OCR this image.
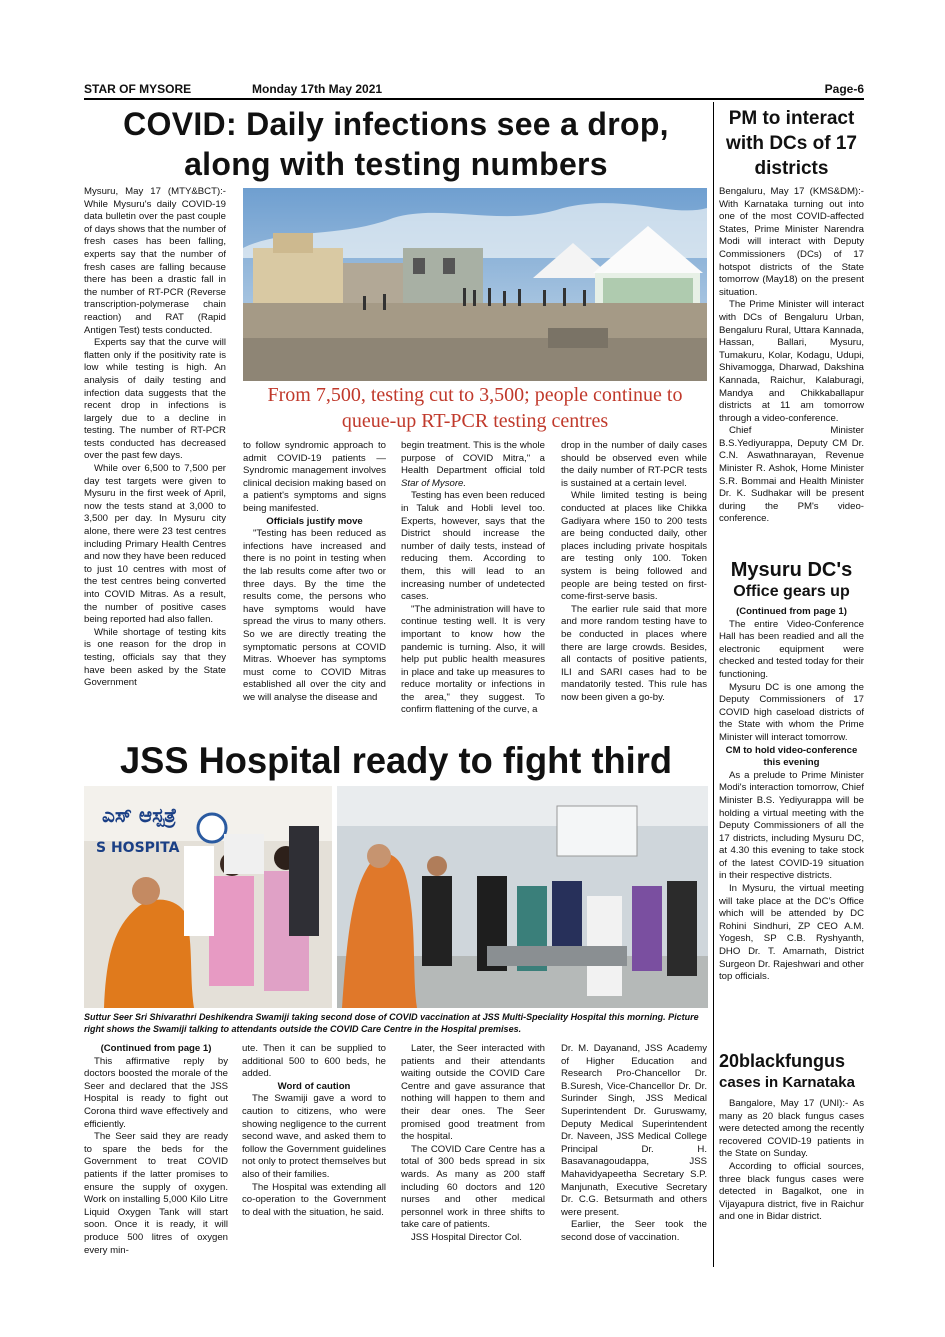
STAR OF MYSORE	Monday 17th May 2021	Page-6
COVID: Daily infections see a drop, along with testing numbers
From 7,500, testing cut to 3,500; people continue to queue-up RT-PCR testing centres

Mysuru, May 17 (MTY&BCT):- While Mysuru's daily COVID-19 data bulletin over the past couple of days shows that the number of fresh cases has been falling, experts say that the number of fresh cases are falling because there has been a drastic fall in the number of RT-PCR (Reverse transcription-polymerase chain reaction) and RAT (Rapid Antigen Test) tests conducted.

Experts say that the curve will flatten only if the positivity rate is low while testing is high. An analysis of daily testing and infection data suggests that the recent drop in infections is largely due to a decline in testing. The number of RT-PCR tests conducted has decreased over the past few days.

While over 6,500 to 7,500 per day test targets were given to Mysuru in the first week of April, now the tests stand at 3,000 to 3,500 per day. In Mysuru city alone, there were 23 test centres including Primary Health Centres and now they have been reduced to just 10 centres with most of the test centres being converted into COVID Mitras. As a result, the number of positive cases being reported had also fallen.

While shortage of testing kits is one reason for the drop in testing, officials say that they have been asked by the State Government

to follow syndromic approach to admit COVID-19 patients — Syndromic management involves clinical decision making based on a patient's symptoms and signs being manifested.

Officials justify move

"Testing has been reduced as infections have increased and there is no point in testing when the lab results come after two or three days. By the time the results come, the persons who have symptoms would have spread the virus to many others. So we are directly treating the symptomatic persons at COVID Mitras. Whoever has symptoms must come to COVID Mitras established all over the city and we will analyse the disease and

begin treatment. This is the whole purpose of COVID Mitra," a Health Department official told Star of Mysore.

Testing has even been reduced in Taluk and Hobli level too. Experts, however, says that the District should increase the number of daily tests, instead of reducing them. According to them, this will lead to an increasing number of undetected cases.

"The administration will have to continue testing well. It is very important to know how the pandemic is turning. Also, it will help put public health measures in place and take up measures to reduce mortality or infections in the area," they suggest. To confirm flattening of the curve, a

drop in the number of daily cases should be observed even while the daily number of RT-PCR tests is sustained at a certain level.

While limited testing is being conducted at places like Chikka Gadiyara where 150 to 200 tests are being conducted daily, other places including private hospitals are testing only 100. Token system is being followed and people are being tested on first-come-first-serve basis.

The earlier rule said that more and more random testing have to be conducted in places where there are large crowds. Besides, all contacts of positive patients, ILI and SARI cases had to be mandatorily tested. This rule has now been given a go-by.

JSS Hospital ready to fight third
ಎಸ್ ಆಸ್ಪತ್ರೆ
S HOSPITA
Suttur Seer Sri Shivarathri Deshikendra Swamiji taking second dose of COVID vaccination at JSS Multi-Speciality Hospital this morning. Picture right shows the Swamiji talking to attendants outside the COVID Care Centre in the Hospital premises.

(Continued from page 1)

This affirmative reply by doctors boosted the morale of the Seer and declared that the JSS Hospital is ready to fight out Corona third wave effectively and efficiently.

The Seer said they are ready to spare the beds for the Government to treat COVID patients if the latter promises to ensure the supply of oxygen. Work on installing 5,000 Kilo Litre Liquid Oxygen Tank will start soon. Once it is ready, it will produce 500 litres of oxygen every min-

ute. Then it can be supplied to additional 500 to 600 beds, he added.

Word of caution

The Swamiji gave a word to caution to citizens, who were showing negligence to the current second wave, and asked them to follow the Government guidelines not only to protect themselves but also of their families.

The Hospital was extending all co-operation to the Government to deal with the situation, he said.

Later, the Seer interacted with patients and their attendants waiting outside the COVID Care Centre and gave assurance that nothing will happen to them and their dear ones. The Seer promised good treatment from the hospital.

The COVID Care Centre has a total of 300 beds spread in six wards. As many as 200 staff including 60 doctors and 120 nurses and other medical personnel work in three shifts to take care of patients.

JSS Hospital Director Col.

Dr. M. Dayanand, JSS Academy of Higher Education and Research Pro-Chancellor Dr. B.Suresh, Vice-Chancellor Dr. Dr. Surinder Singh, JSS Medical Superintendent Dr. Guruswamy, Deputy Medical Superintendent Dr. Naveen, JSS Medical College Principal Dr. H. Basavanagoudappa, JSS Mahavidyapeetha Secretary S.P. Manjunath, Executive Secretary Dr. C.G. Betsurmath and others were present.

Earlier, the Seer took the second dose of vaccination.

PM to interact with DCs of 17 districts

Bengaluru, May 17 (KMS&DM):- With Karnataka turning out into one of the most COVID-affected States, Prime Minister Narendra Modi will interact with Deputy Commissioners (DCs) of 17 hotspot districts of the State tomorrow (May18) on the present situation.

The Prime Minister will interact with DCs of Bengaluru Urban, Bengaluru Rural, Uttara Kannada, Hassan, Ballari, Mysuru, Tumakuru, Kolar, Kodagu, Udupi, Shivamogga, Dharwad, Dakshina Kannada, Raichur, Kalaburagi, Mandya and Chikkaballapur districts at 11 am tomorrow through a video-conference.

Chief Minister B.S.Yediyurappa, Deputy CM Dr. C.N. Aswathnarayan, Revenue Minister R. Ashok, Home Minister S.R. Bommai and Health Minister Dr. K. Sudhakar will be present during the PM's video-conference.

Mysuru DC's
Office gears up

(Continued from page 1)

The entire Video-Conference Hall has been readied and all the electronic equipment were checked and tested today for their functioning.

Mysuru DC is one among the Deputy Commissioners of 17 COVID high caseload districts of the State with whom the Prime Minister will interact tomorrow.

CM to hold video-conference this evening

As a prelude to Prime Minister Modi's interaction tomorrow, Chief Minister B.S. Yediyurappa will be holding a virtual meeting with the Deputy Commissioners of all the 17 districts, including Mysuru DC, at 4.30 this evening to take stock of the latest COVID-19 situation in their respective districts.

In Mysuru, the virtual meeting will take place at the DC's Office which will be attended by DC Rohini Sindhuri, ZP CEO A.M. Yogesh, SP C.B. Ryshyanth, DHO Dr. T. Amarnath, District Surgeon Dr. Rajeshwari and other top officials.

20blackfungus
cases in Karnataka

Bangalore, May 17 (UNI):- As many as 20 black fungus cases were detected among the recently recovered COVID-19 patients in the State on Sunday.

According to official sources, three black fungus cases were detected in Bagalkot, one in Vijayapura district, five in Raichur and one in Bidar district.
